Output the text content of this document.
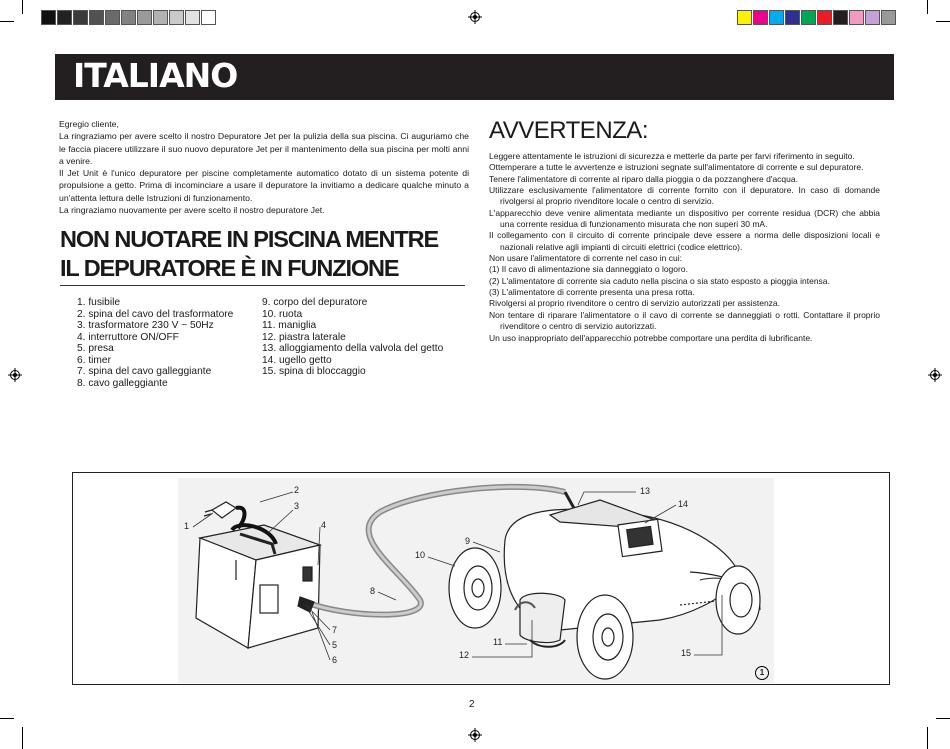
ITALIANO

Egregio cliente,

La ringraziamo per avere scelto il nostro Depuratore Jet per la pulizia della sua piscina. Ci auguriamo che le faccia piacere utilizzare il suo nuovo depuratore Jet per il mantenimento della sua piscina per molti anni a venire.

Il Jet Unit è l'unico depuratore per piscine completamente automatico dotato di un sistema potente di propulsione a getto. Prima di incominciare a usare il depuratore la invitiamo a dedicare qualche minuto a un'attenta lettura delle Istruzioni di funzionamento.

La ringraziamo nuovamente per avere scelto il nostro depuratore Jet.

NON NUOTARE IN PISCINA MENTRE
IL DEPURATORE È IN FUNZIONE
1. fusibile
2. spina del cavo del trasformatore
3. trasformatore 230 V ~ 50Hz
4. interruttore ON/OFF
5. presa
6. timer
7. spina del cavo galleggiante
8. cavo galleggiante
9. corpo del depuratore
10. ruota
11. maniglia
12. piastra laterale
13. alloggiamento della valvola del getto
14. ugello getto
15. spina di bloccaggio
AVVERTENZA:

Leggere attentamente le istruzioni di sicurezza e metterle da parte per farvi riferimento in seguito.

Ottemperare a tutte le avvertenze e istruzioni segnate sull'alimentatore di corrente e sul depuratore.

Tenere l'alimentatore di corrente al riparo dalla pioggia o da pozzanghere d'acqua.

Utilizzare esclusivamente l'alimentatore di corrente fornito con il depuratore. In caso di domande rivolgersi al proprio rivenditore locale o centro di servizio.

L'apparecchio deve venire alimentata mediante un dispositivo per corrente residua (DCR) che abbia una corrente residua di funzionamento misurata che non superi 30 mA.

Il collegamento con il circuito di corrente principale deve essere a norma delle disposizioni locali e nazionali relative agli impianti di circuiti elettrici (codice elettrico).

Non usare l'alimentatore di corrente nel caso in cui:

(1) Il cavo di alimentazione sia danneggiato o logoro.

(2) L'alimentatore di corrente sia caduto nella piscina o sia stato esposto a pioggia intensa.

(3) L'alimentatore di corrente presenta una presa rotta.

Rivolgersi al proprio rivenditore o centro di servizio autorizzati per assistenza.

Non tentare di riparare l'alimentatore o il cavo di corrente se danneggiati o rotti. Contattare il proprio rivenditore o centro di servizio autorizzati.

Un uso inappropriato dell'apparecchio potrebbe comportare una perdita di lubrificante.

2
3
1	4
7
5
6
8
9
10
11
12
13
14
15
1
2
